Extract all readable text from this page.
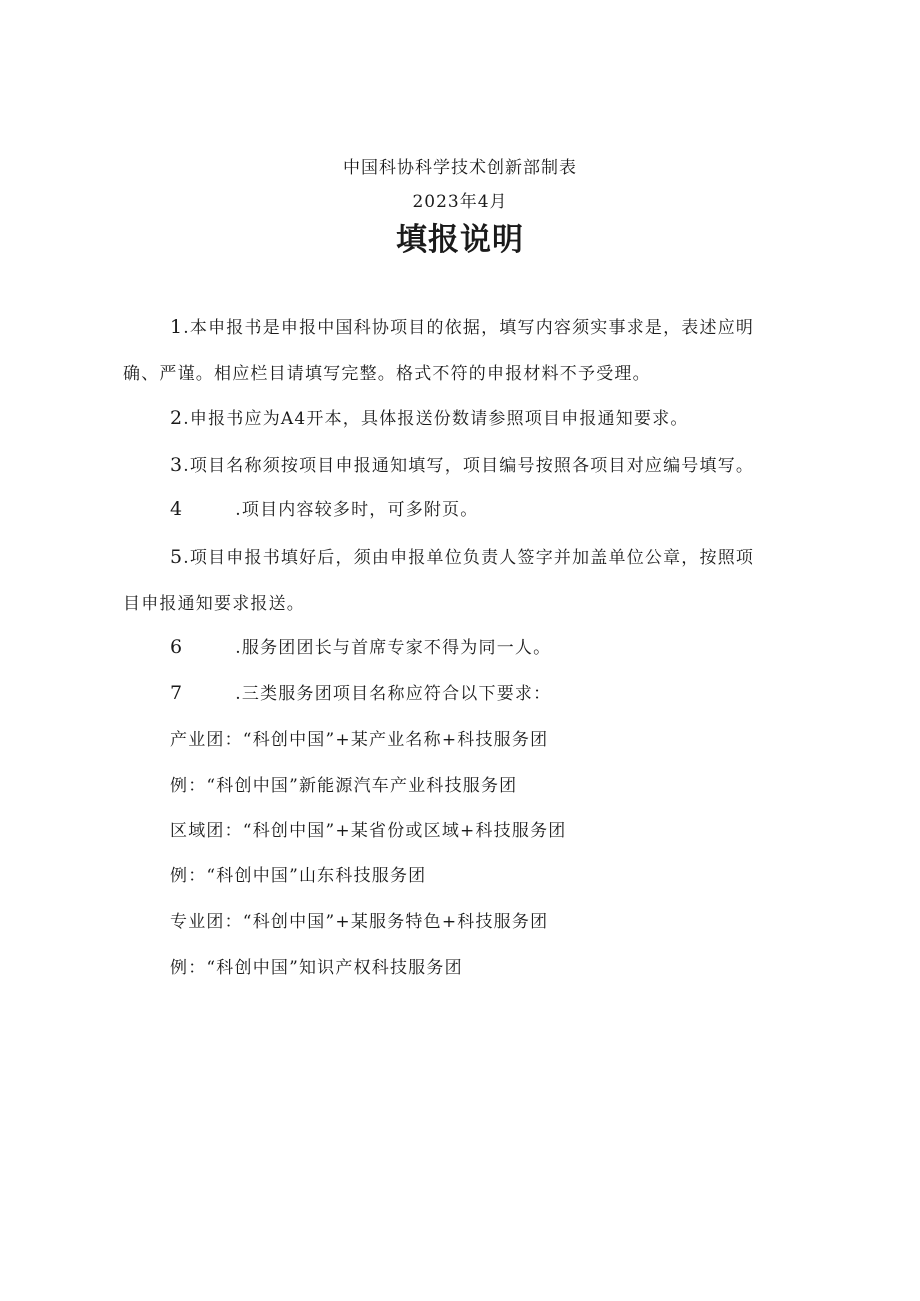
中国科协科学技术创新部制表
2023年4月
填报说明
1.本申报书是申报中国科协项目的依据，填写内容须实事求是，表述应明
确、严谨。相应栏目请填写完整。格式不符的申报材料不予受理。
2.申报书应为A4开本，具体报送份数请参照项目申报通知要求。
3.项目名称须按项目申报通知填写，项目编号按照各项目对应编号填写。
4	.项目内容较多时，可多附页。
5.项目申报书填好后，须由申报单位负责人签字并加盖单位公章，按照项
目申报通知要求报送。
6	.服务团团长与首席专家不得为同一人。
7	.三类服务团项目名称应符合以下要求：
产业团：“科创中国”+某产业名称+科技服务团
例：“科创中国”新能源汽车产业科技服务团
区域团：“科创中国”+某省份或区域+科技服务团
例：“科创中国”山东科技服务团
专业团：“科创中国”+某服务特色+科技服务团
例：“科创中国”知识产权科技服务团
